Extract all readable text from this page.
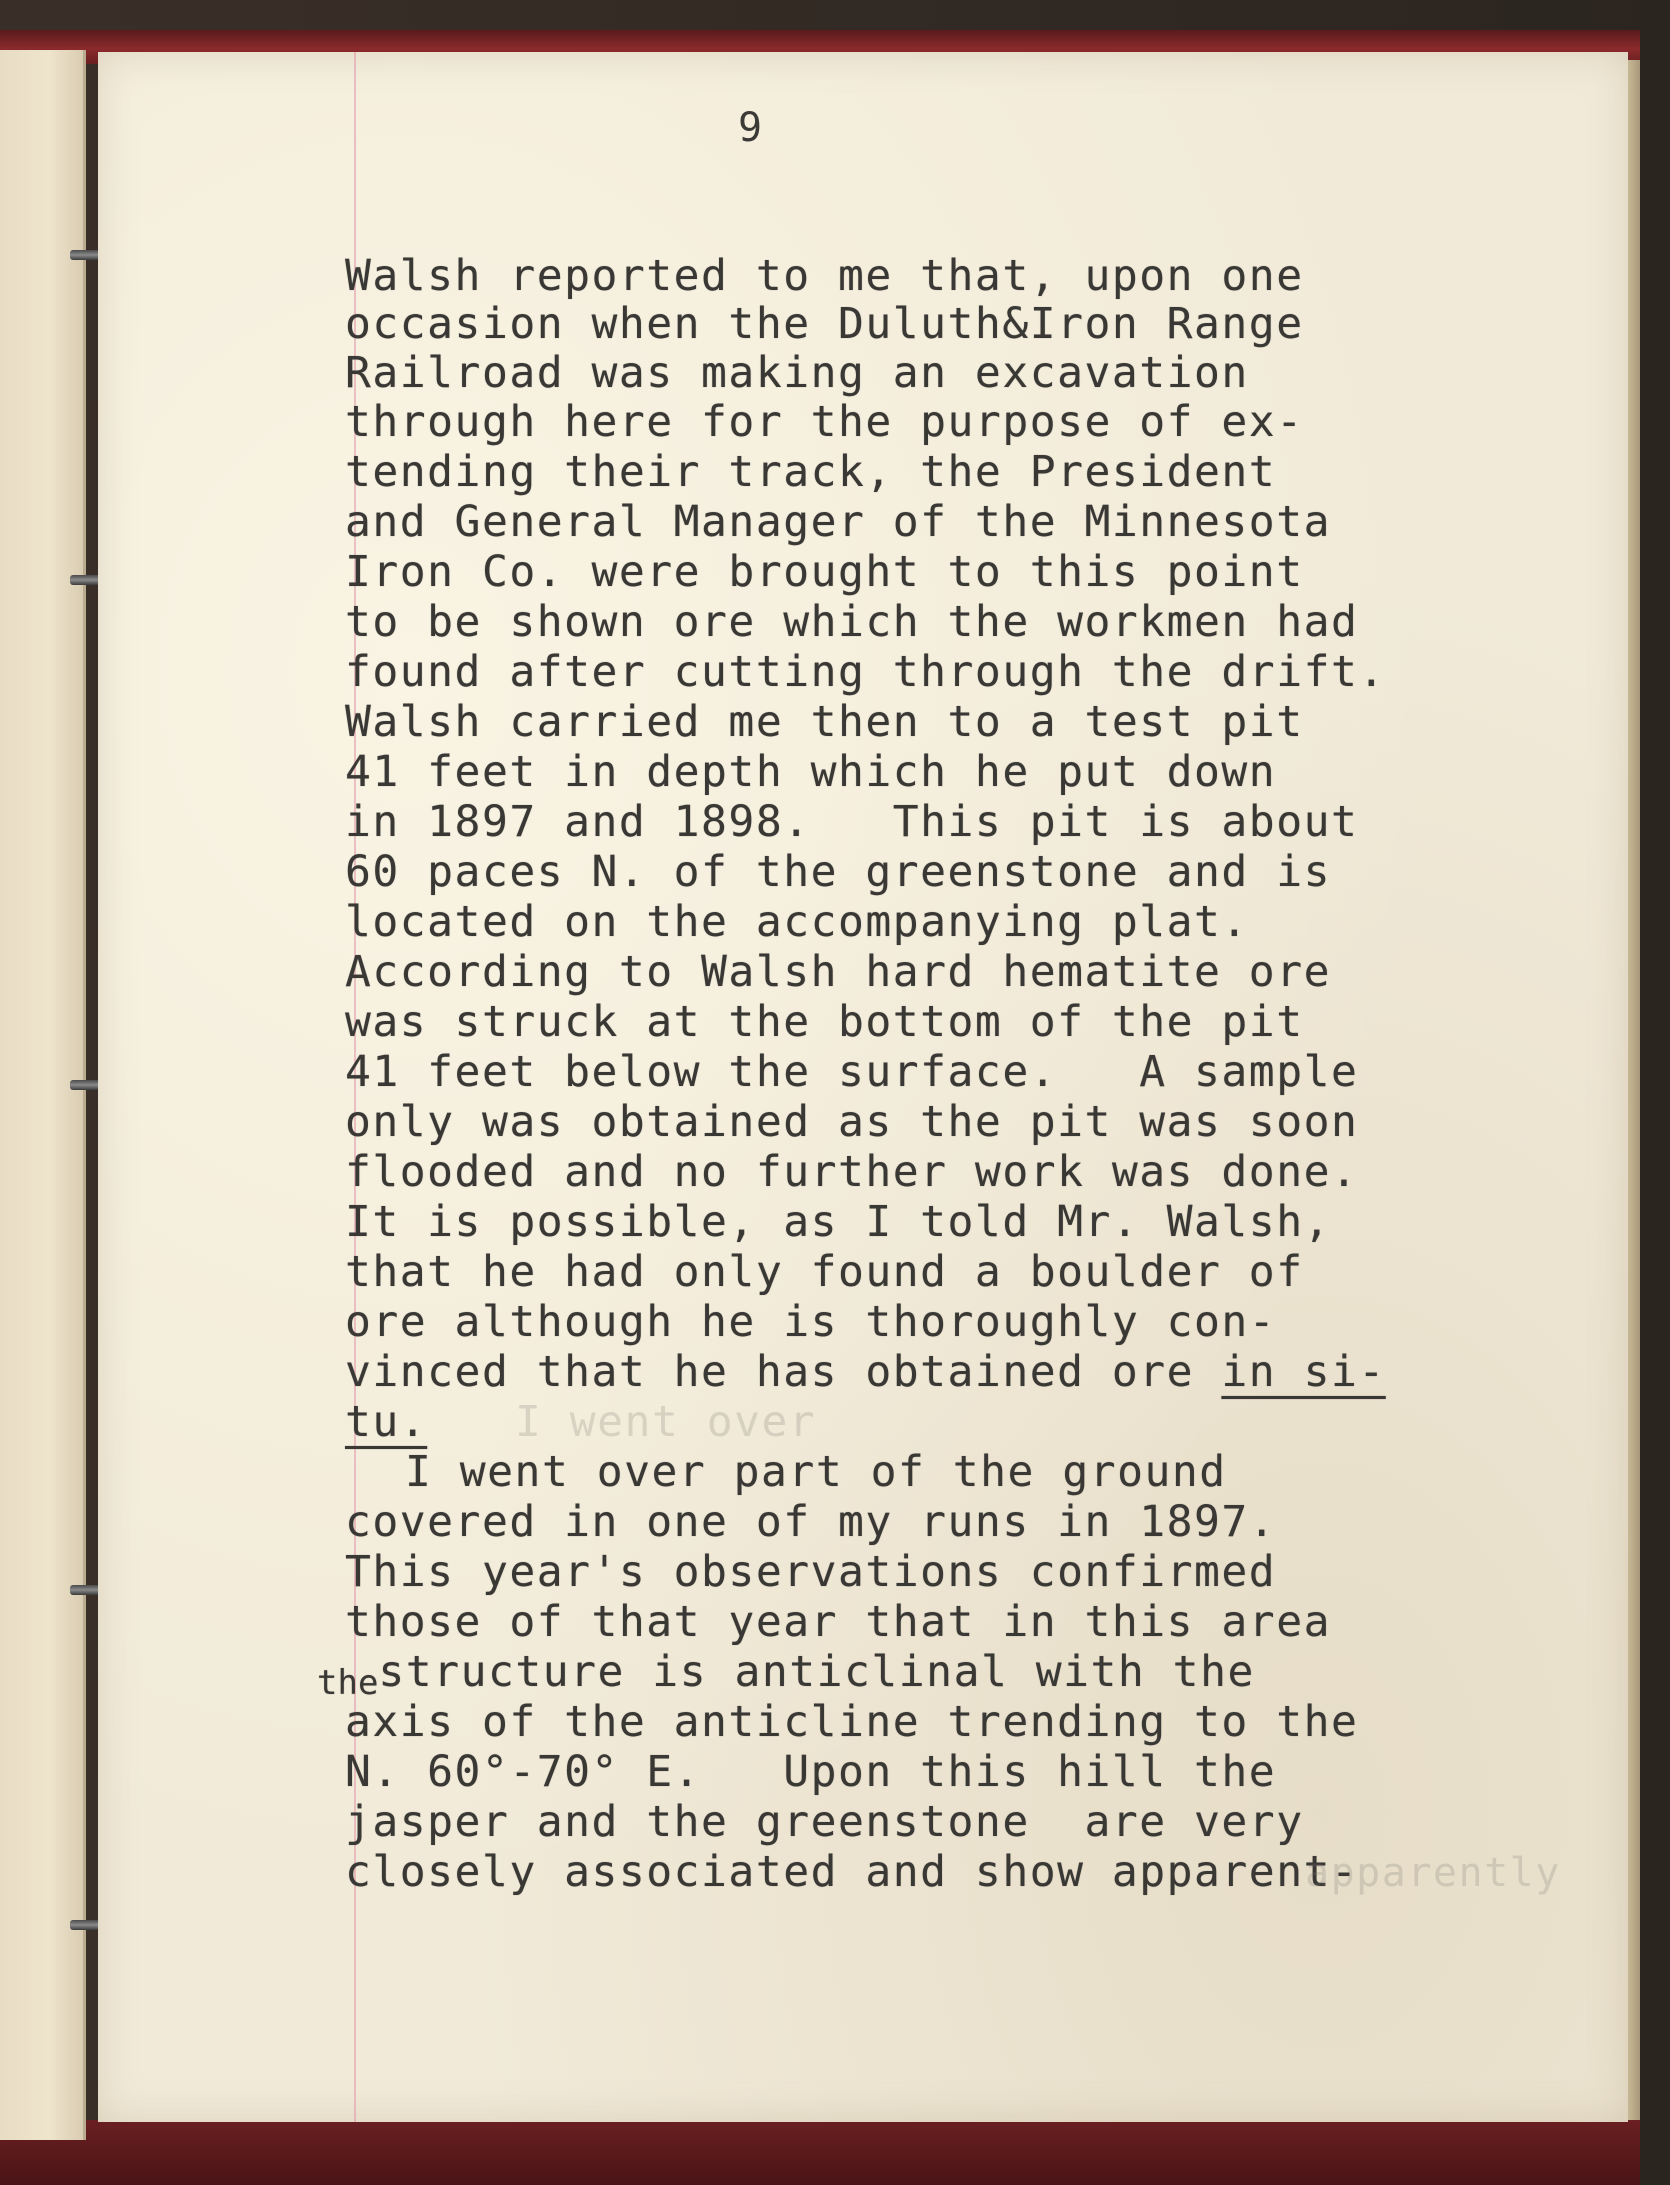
9
Walsh reported to me that, upon one
occasion when the Duluth&Iron Range
Railroad was making an excavation
through here for the purpose of ex-
tending their track, the President
and General Manager of the Minnesota
Iron Co. were brought to this point
to be shown ore which the workmen had
found after cutting through the drift.
Walsh carried me then to a test pit
41 feet in depth which he put down
in 1897 and 1898.   This pit is about
60 paces N. of the greenstone and is
located on the accompanying plat.
According to Walsh hard hematite ore
was struck at the bottom of the pit
41 feet below the surface.   A sample
only was obtained as the pit was soon
flooded and no further work was done.
It is possible, as I told Mr. Walsh,
that he had only found a boulder of
ore although he is thoroughly con-
vinced that he has obtained ore in si-
tu. I went over
I went over part of the ground
covered in one of my runs in 1897.
This year's observations confirmed
those of that year that in this area
thestructure is anticlinal with the
axis of the anticline trending to the
N. 60°-70° E.   Upon this hill the
jasper and the greenstone  are very
closely associated and show apparent-
apparently
